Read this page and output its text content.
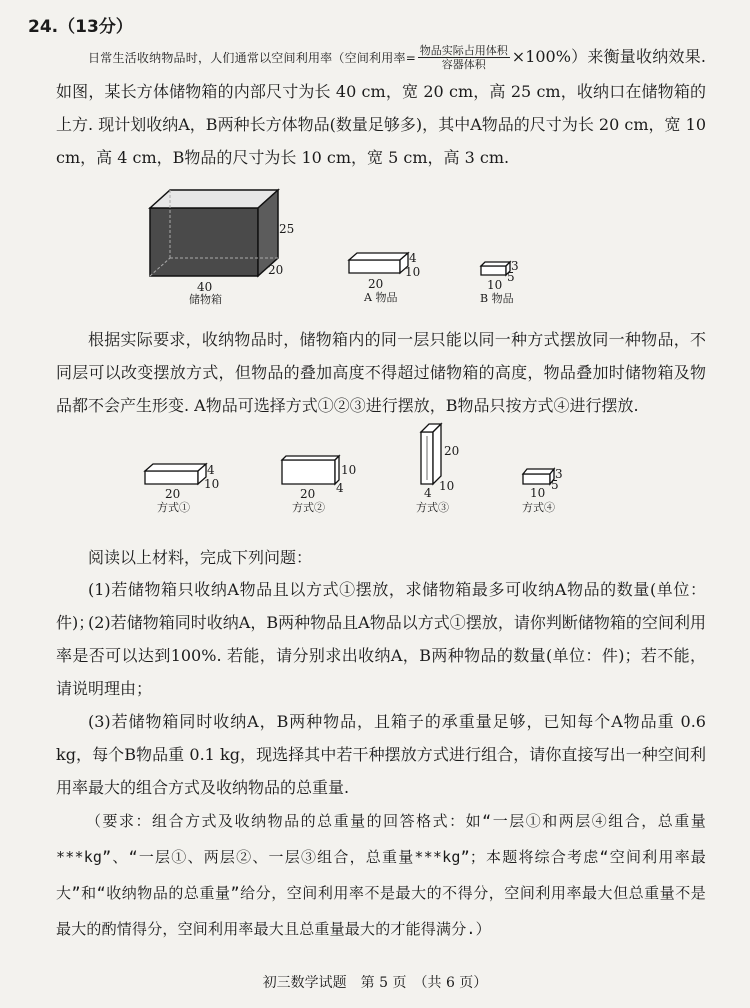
24.（13分）
日常生活收纳物品时，人们通常以空间利用率（空间利用率= $\frac{\text{物品实际占用体积}}{\text{容器体积}} \times 100\%$）来衡量收纳效果.如图，某长方体储物箱的内部尺寸为长 40 cm，宽 20 cm，高 25 cm，收纳口在储物箱的上方. 现计划收纳A，B两种长方体物品(数量足够多)，其中A物品的尺寸为长 20 cm，宽 10 cm，高 4 cm，B物品的尺寸为长 10 cm，宽 5 cm，高 3 cm.
25
20
40
储物箱
4
10
20
A 物品
3
5
10
B 物品
4
10
20
方式①
10
4
20
方式②
20
10
4
方式③
3
5
10
方式④
根据实际要求，收纳物品时，储物箱内的同一层只能以同一种方式摆放同一种物品，不同层可以改变摆放方式，但物品的叠加高度不得超过储物箱的高度，物品叠加时储物箱及物品都不会产生形变. A物品可选择方式①②③进行摆放，B物品只按方式④进行摆放.
阅读以上材料，完成下列问题：
(1)若储物箱只收纳A物品且以方式①摆放，求储物箱最多可收纳A物品的数量(单位：件)；
(2)若储物箱同时收纳A，B两种物品且A物品以方式①摆放，请你判断储物箱的空间利用率是否可以达到100%. 若能，请分别求出收纳A，B两种物品的数量(单位：件)；若不能，请说明理由；
(3)若储物箱同时收纳A，B两种物品，且箱子的承重量足够，已知每个A物品重 0.6 kg，每个B物品重 0.1 kg，现选择其中若干种摆放方式进行组合，请你直接写出一种空间利用率最大的组合方式及收纳物品的总重量.
（要求：组合方式及收纳物品的总重量的回答格式：如“一层①和两层④组合，总重量***kg”、“一层①、两层②、一层③组合，总重量***kg”；本题将综合考虑“空间利用率最大”和“收纳物品的总重量”给分，空间利用率不是最大的不得分，空间利用率最大但总重量不是最大的酌情得分，空间利用率最大且总重量最大的才能得满分.）
初三数学试题　第 5 页　（共 6 页）
